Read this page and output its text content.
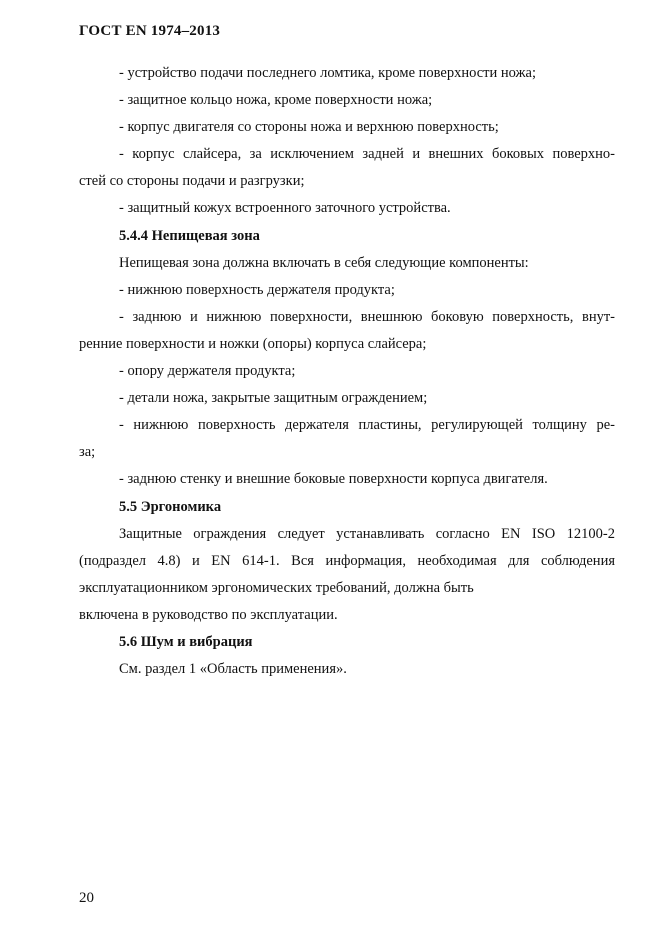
ГОСТ EN 1974–2013
- устройство подачи последнего ломтика, кроме поверхности ножа;
- защитное кольцо ножа, кроме поверхности ножа;
- корпус двигателя со стороны ножа и верхнюю поверхность;
- корпус слайсера, за исключением задней и внешних боковых поверхно-
стей со стороны подачи и разгрузки;
- защитный кожух встроенного заточного устройства.
5.4.4 Непищевая зона
Непищевая зона должна включать в себя следующие компоненты:
- нижнюю поверхность держателя продукта;
- заднюю и нижнюю поверхности, внешнюю боковую поверхность, внут-
ренние поверхности и ножки (опоры) корпуса слайсера;
- опору держателя продукта;
- детали ножа, закрытые защитным ограждением;
- нижнюю поверхность держателя пластины, регулирующей толщину ре-
за;
- заднюю стенку и внешние боковые поверхности корпуса двигателя.
5.5 Эргономика
Защитные ограждения следует устанавливать согласно EN ISO 12100-2
(подраздел 4.8) и EN 614-1. Вся информация, необходимая для соблюдения
эксплуатационником эргономических требований, должна быть
включена в руководство по эксплуатации.
5.6 Шум и вибрация
См. раздел 1 «Область применения».
20
